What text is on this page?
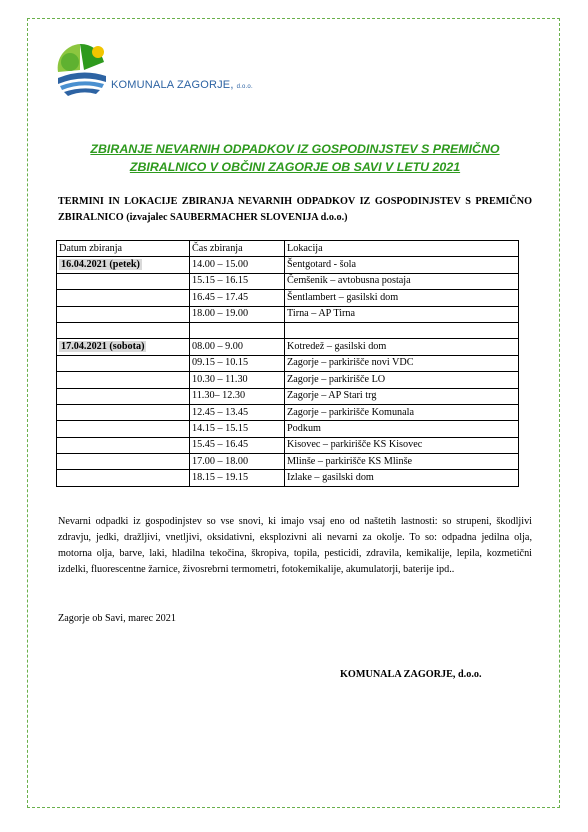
KOMUNALA ZAGORJE, d.o.o.
ZBIRANJE NEVARNIH ODPADKOV IZ GOSPODINJSTEV S PREMIČNO ZBIRALNICO V OBČINI ZAGORJE OB SAVI V LETU 2021
TERMINI IN LOKACIJE ZBIRANJA NEVARNIH ODPADKOV IZ GOSPODINJSTEV S PREMIČNO ZBIRALNICO (izvajalec SAUBERMACHER SLOVENIJA d.o.o.)
Datum zbiranja	Čas zbiranja	Lokacija
16.04.2021 (petek)	14.00 – 15.00	Šentgotard - šola
	15.15 – 16.15	Čemšenik – avtobusna postaja
	16.45 – 17.45	Šentlambert – gasilski dom
	18.00 – 19.00	Tirna – AP Tirna

17.04.2021 (sobota)	08.00 – 9.00	Kotredež – gasilski dom
	09.15 – 10.15	Zagorje – parkirišče novi VDC
	10.30 – 11.30	Zagorje – parkirišče LO
	11.30– 12.30	Zagorje – AP Stari trg
	12.45 – 13.45	Zagorje – parkirišče Komunala
	14.15 – 15.15	Podkum
	15.45 – 16.45	Kisovec – parkirišče KS Kisovec
	17.00 – 18.00	Mlinše – parkirišče KS Mlinše
	18.15 – 19.15	Izlake – gasilski dom
Nevarni odpadki iz gospodinjstev so vse snovi, ki imajo vsaj eno od naštetih lastnosti: so strupeni, škodljivi zdravju, jedki, dražljivi, vnetljivi, oksidativni, eksplozivni ali nevarni za okolje. To so: odpadna jedilna olja, motorna olja, barve, laki, hladilna tekočina, škropiva, topila, pesticidi, zdravila, kemikalije, lepila, kozmetični izdelki, fluorescentne žarnice, živosrebrni termometri, fotokemikalije, akumulatorji, baterije ipd..
Zagorje ob Savi, marec 2021
KOMUNALA ZAGORJE, d.o.o.
